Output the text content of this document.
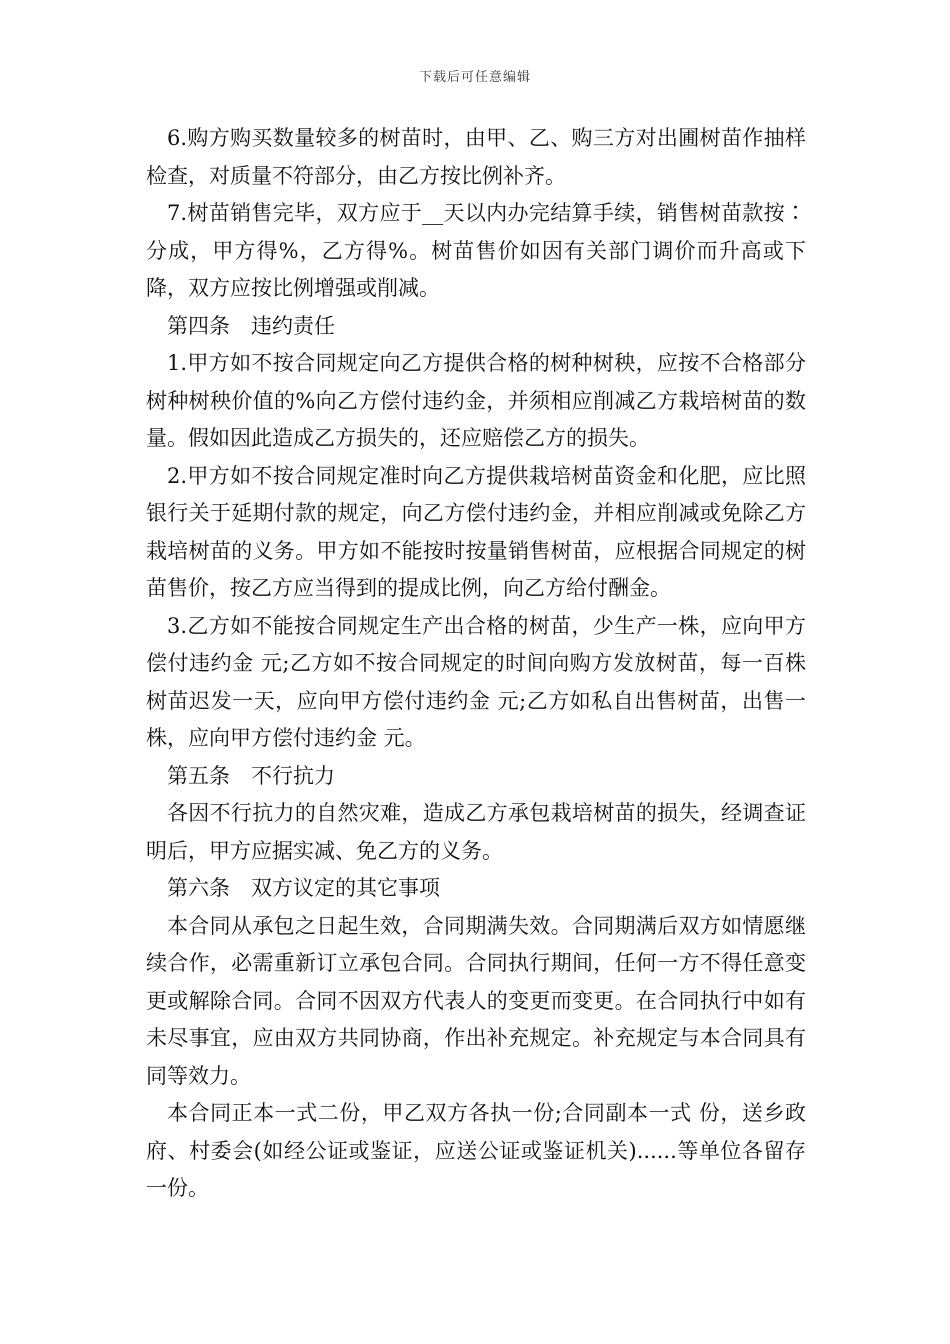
下载后可任意编辑

6.购方购买数量较多的树苗时，由甲、乙、购三方对出圃树苗作抽样检查，对质量不符部分，由乙方按比例补齐。

7.树苗销售完毕，双方应于__天以内办完结算手续，销售树苗款按∶分成，甲方得%，乙方得%。树苗售价如因有关部门调价而升高或下降，双方应按比例增强或削减。

第四条　违约责任

1.甲方如不按合同规定向乙方提供合格的树种树秧，应按不合格部分树种树秧价值的%向乙方偿付违约金，并须相应削减乙方栽培树苗的数量。假如因此造成乙方损失的，还应赔偿乙方的损失。

2.甲方如不按合同规定准时向乙方提供栽培树苗资金和化肥，应比照银行关于延期付款的规定，向乙方偿付违约金，并相应削减或免除乙方栽培树苗的义务。甲方如不能按时按量销售树苗，应根据合同规定的树苗售价，按乙方应当得到的提成比例，向乙方给付酬金。

3.乙方如不能按合同规定生产出合格的树苗，少生产一株，应向甲方偿付违约金 元;乙方如不按合同规定的时间向购方发放树苗，每一百株树苗迟发一天，应向甲方偿付违约金 元;乙方如私自出售树苗，出售一株，应向甲方偿付违约金 元。

第五条　不行抗力

各因不行抗力的自然灾难，造成乙方承包栽培树苗的损失，经调查证明后，甲方应据实减、免乙方的义务。

第六条　双方议定的其它事项

本合同从承包之日起生效，合同期满失效。合同期满后双方如情愿继续合作，必需重新订立承包合同。合同执行期间，任何一方不得任意变更或解除合同。合同不因双方代表人的变更而变更。在合同执行中如有未尽事宜，应由双方共同协商，作出补充规定。补充规定与本合同具有同等效力。

本合同正本一式二份，甲乙双方各执一份;合同副本一式 份，送乡政府、村委会(如经公证或鉴证，应送公证或鉴证机关)......等单位各留存一份。
